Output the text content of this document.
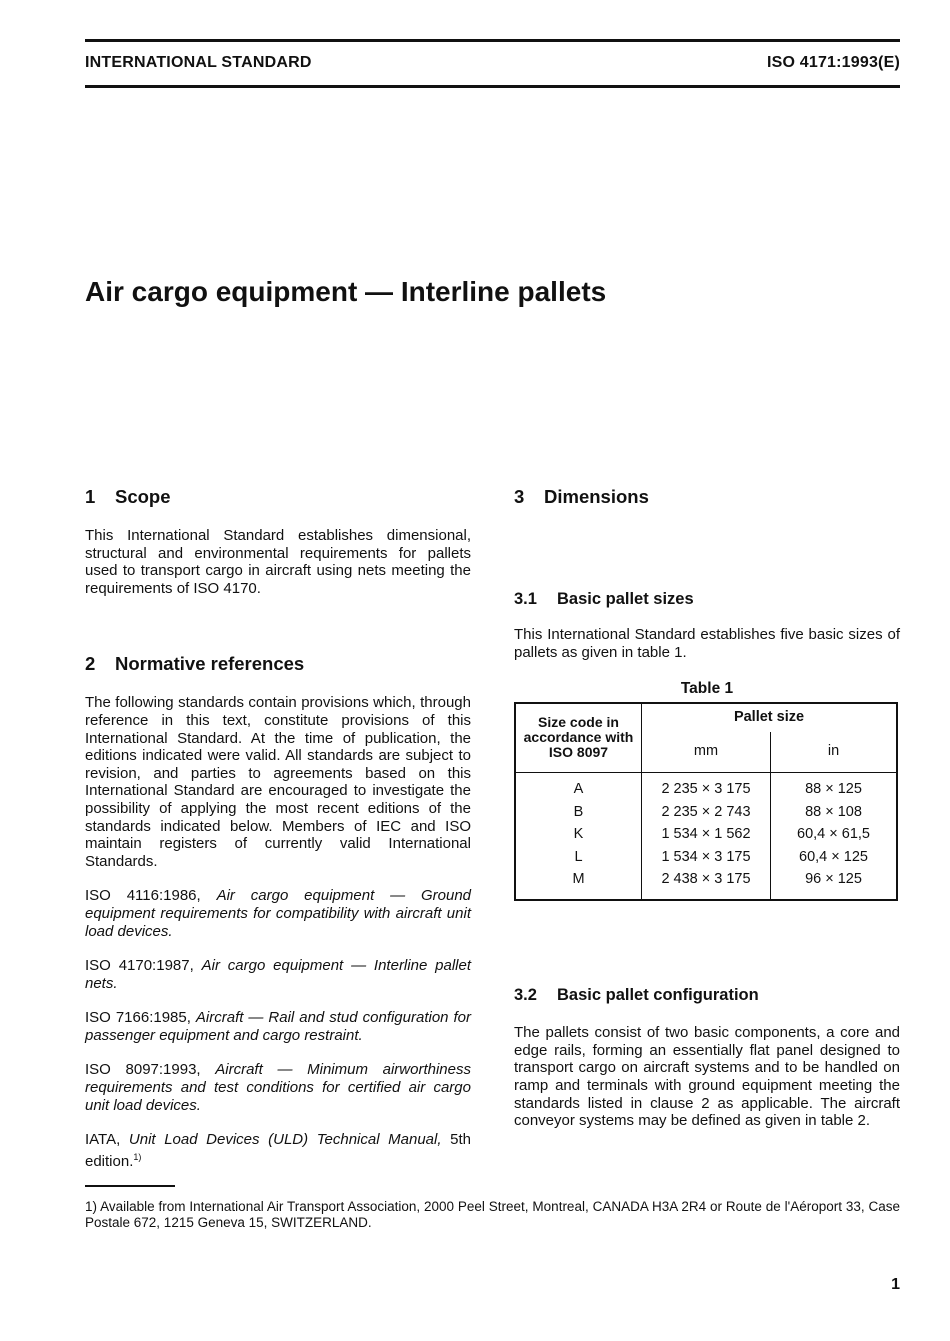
INTERNATIONAL STANDARD	ISO 4171:1993(E)
Air cargo equipment — Interline pallets
1 Scope

This International Standard establishes dimensional, structural and environmental requirements for pallets used to transport cargo in aircraft using nets meeting the requirements of ISO 4170.

2 Normative references

The following standards contain provisions which, through reference in this text, constitute provisions of this International Standard. At the time of publication, the editions indicated were valid. All standards are subject to revision, and parties to agreements based on this International Standard are encouraged to investigate the possibility of applying the most recent editions of the standards indicated below. Members of IEC and ISO maintain registers of currently valid International Standards.

ISO 4116:1986, Air cargo equipment — Ground equipment requirements for compatibility with aircraft unit load devices.

ISO 4170:1987, Air cargo equipment — Interline pallet nets.

ISO 7166:1985, Aircraft — Rail and stud configuration for passenger equipment and cargo restraint.

ISO 8097:1993, Aircraft — Minimum airworthiness requirements and test conditions for certified air cargo unit load devices.

IATA, Unit Load Devices (ULD) Technical Manual, 5th edition.$^{1)}$

3 Dimensions
3.1 Basic pallet sizes

This International Standard establishes five basic sizes of pallets as given in table 1.

Table 1

Size code in accordance with ISO 8097	Pallet size	
	mm	in
A	2 235 × 3 175	88 × 125
B	2 235 × 2 743	88 × 108
K	1 534 × 1 562	60,4 × 61,5
L	1 534 × 3 175	60,4 × 125
M	2 438 × 3 175	96 × 125
3.2 Basic pallet configuration

The pallets consist of two basic components, a core and edge rails, forming an essentially flat panel designed to transport cargo on aircraft systems and to be handled on ramp and terminals with ground equipment meeting the standards listed in clause 2 as applicable. The aircraft conveyor systems may be defined as given in table 2.

1) Available from International Air Transport Association, 2000 Peel Street, Montreal, CANADA H3A 2R4 or Route de l'Aéroport 33, Case Postale 672, 1215 Geneva 15, SWITZERLAND.

1
